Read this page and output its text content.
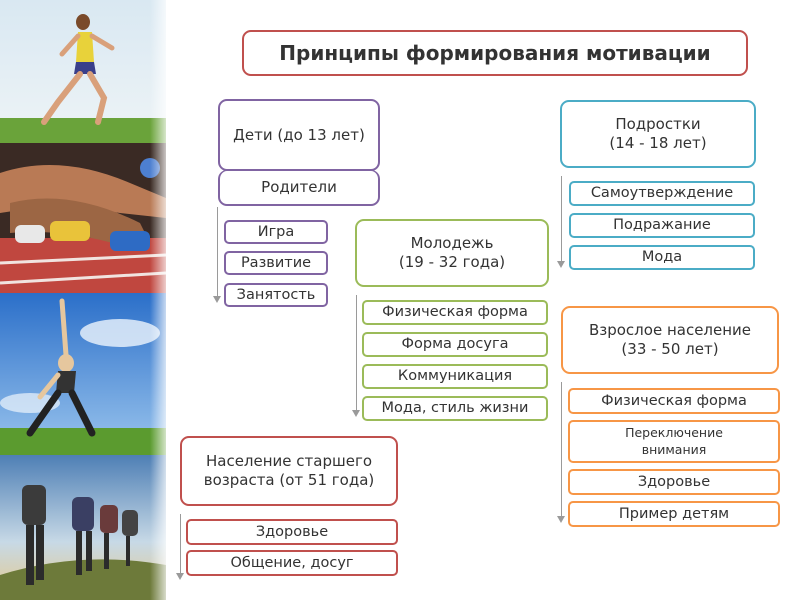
Принципы формирования мотивации
Дети (до 13 лет)
Родители
Игра
Развитие
Занятость
Подростки
(14 - 18 лет)
Самоутверждение
Подражание
Мода
Молодежь
(19 - 32 года)
Физическая форма
Форма досуга
Коммуникация
Мода, стиль жизни
Взрослое население
(33 - 50 лет)
Физическая форма
Переключение внимания
Здоровье
Пример детям
Население старшего
возраста (от 51 года)
Здоровье
Общение, досуг
